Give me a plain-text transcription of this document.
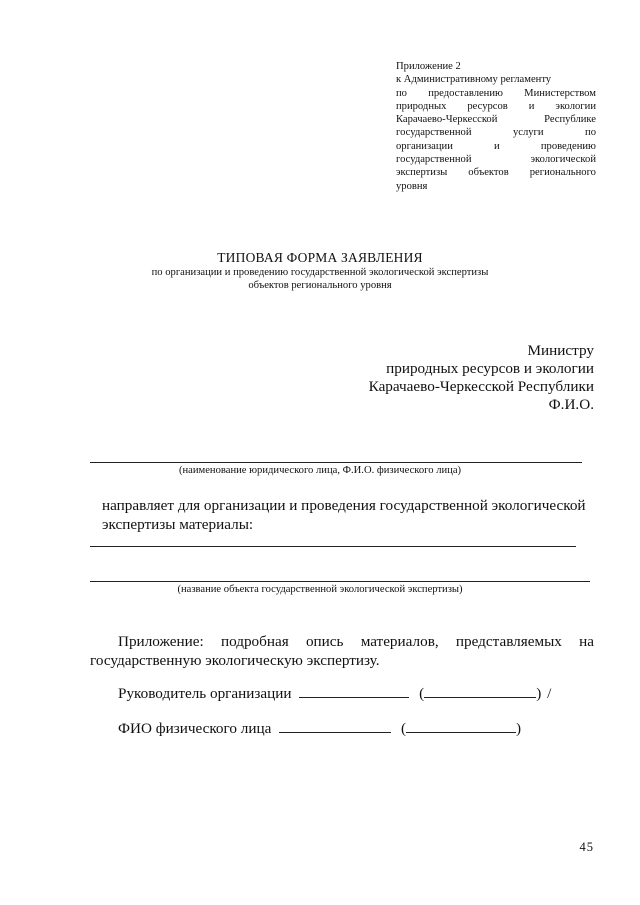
Приложение 2
к Административному регламенту
по предоставлению Министерством
природных ресурсов и экологии
Карачаево-Черкесской	Республике
государственной	услуги	по
организации	и	проведению
государственной	экологической
экспертизы объектов регионального
уровня
ТИПОВАЯ ФОРМА ЗАЯВЛЕНИЯ
по организации и проведению государственной экологической экспертизы
объектов регионального уровня
Министру
природных ресурсов и экологии
Карачаево-Черкесской Республики
Ф.И.О.
(наименование юридического лица, Ф.И.О. физического лица)
направляет для организации и проведения государственной экологической
экспертизы материалы:
(название объекта государственной экологической экспертизы)
Приложение: подробная опись материалов, представляемых на
государственную экологическую экспертизу.
Руководитель организации	(	) /
ФИО физического лица	(	)
45
